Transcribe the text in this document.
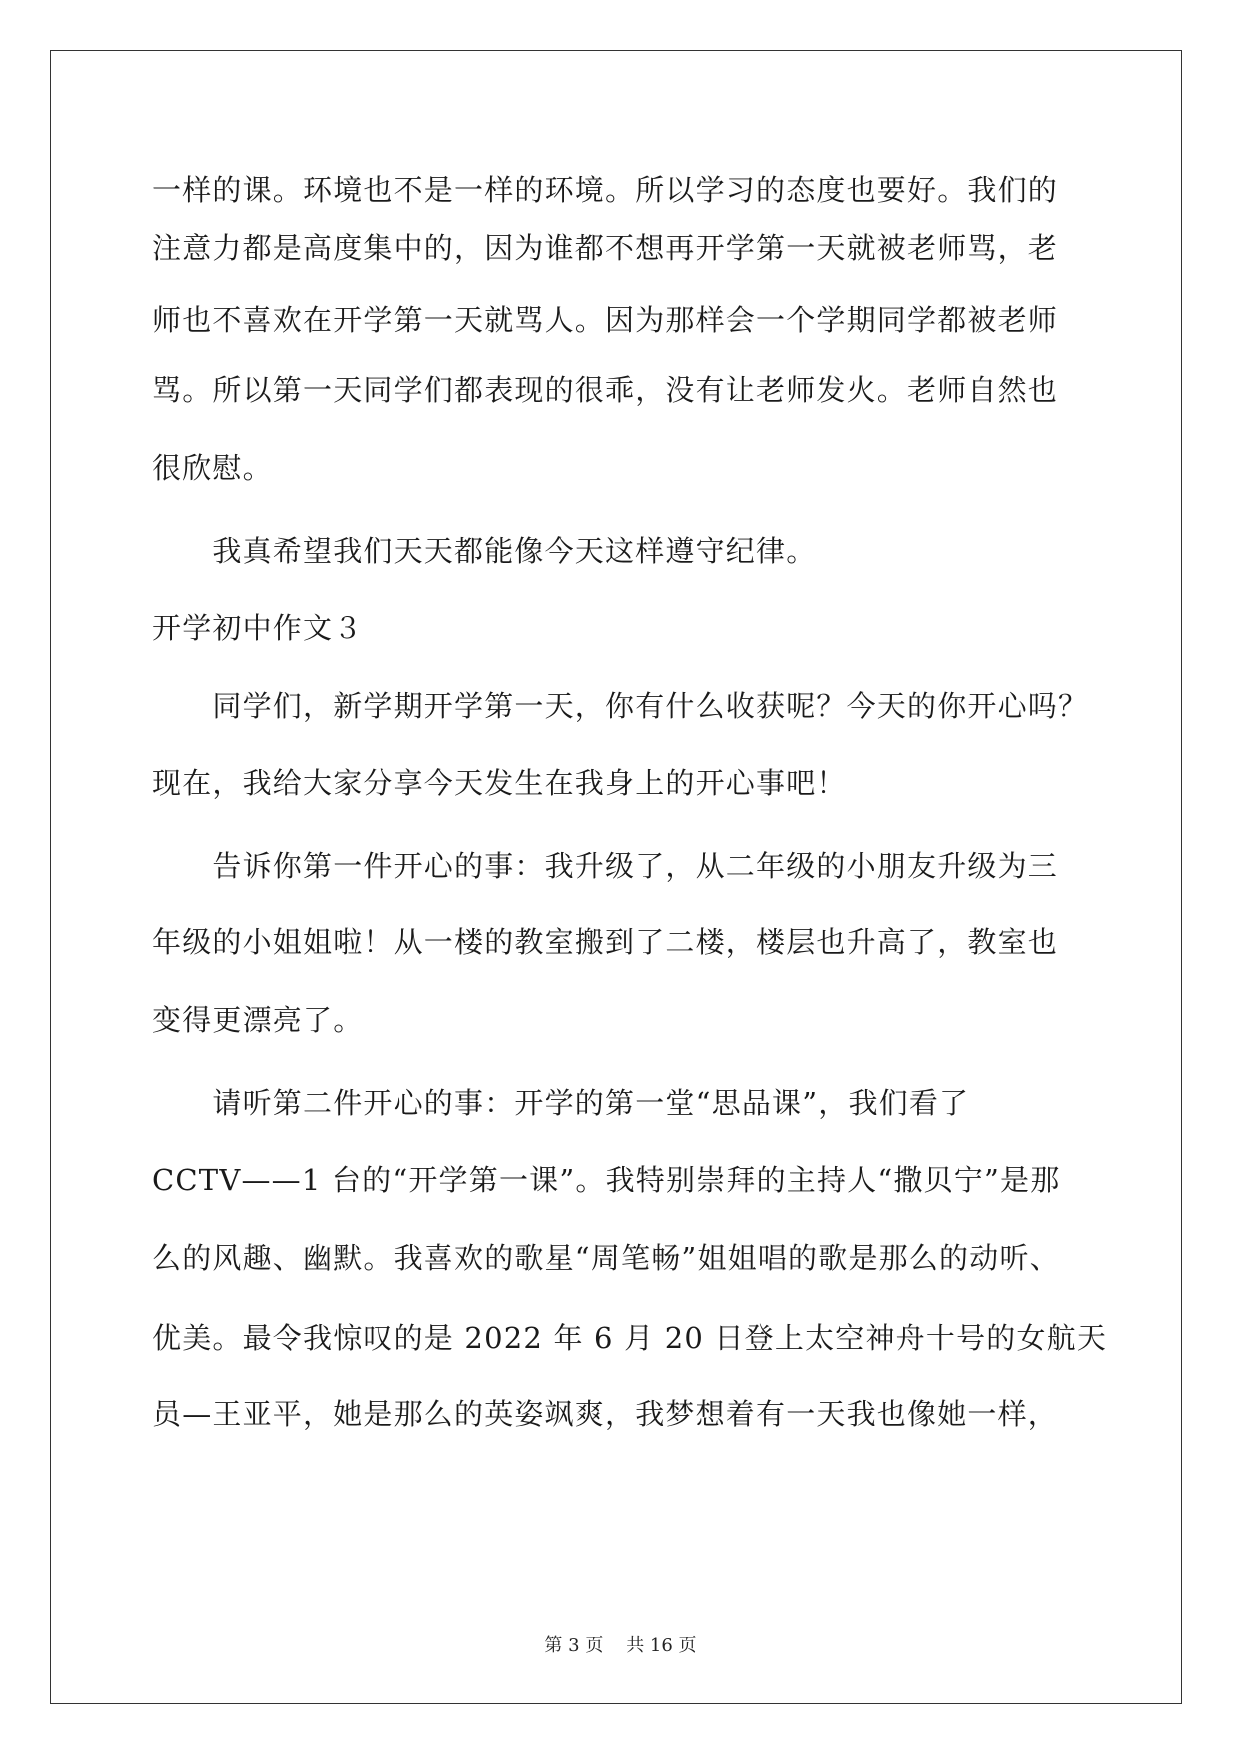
一样的课。环境也不是一样的环境。所以学习的态度也要好。我们的
注意力都是高度集中的，因为谁都不想再开学第一天就被老师骂，老
师也不喜欢在开学第一天就骂人。因为那样会一个学期同学都被老师
骂。所以第一天同学们都表现的很乖，没有让老师发火。老师自然也
很欣慰。
　　我真希望我们天天都能像今天这样遵守纪律。
开学初中作文３
　　同学们，新学期开学第一天，你有什么收获呢？今天的你开心吗？
现在，我给大家分享今天发生在我身上的开心事吧！
　　告诉你第一件开心的事：我升级了，从二年级的小朋友升级为三
年级的小姐姐啦！从一楼的教室搬到了二楼，楼层也升高了，教室也
变得更漂亮了。
　　请听第二件开心的事：开学的第一堂“思品课”，我们看了
CCTV——1 台的“开学第一课”。我特别崇拜的主持人“撒贝宁”是那
么的风趣、幽默。我喜欢的歌星“周笔畅”姐姐唱的歌是那么的动听、
优美。最令我惊叹的是 2022 年 6 月 20 日登上太空神舟十号的女航天
员—王亚平，她是那么的英姿飒爽，我梦想着有一天我也像她一样，
第 3 页    共 16 页
